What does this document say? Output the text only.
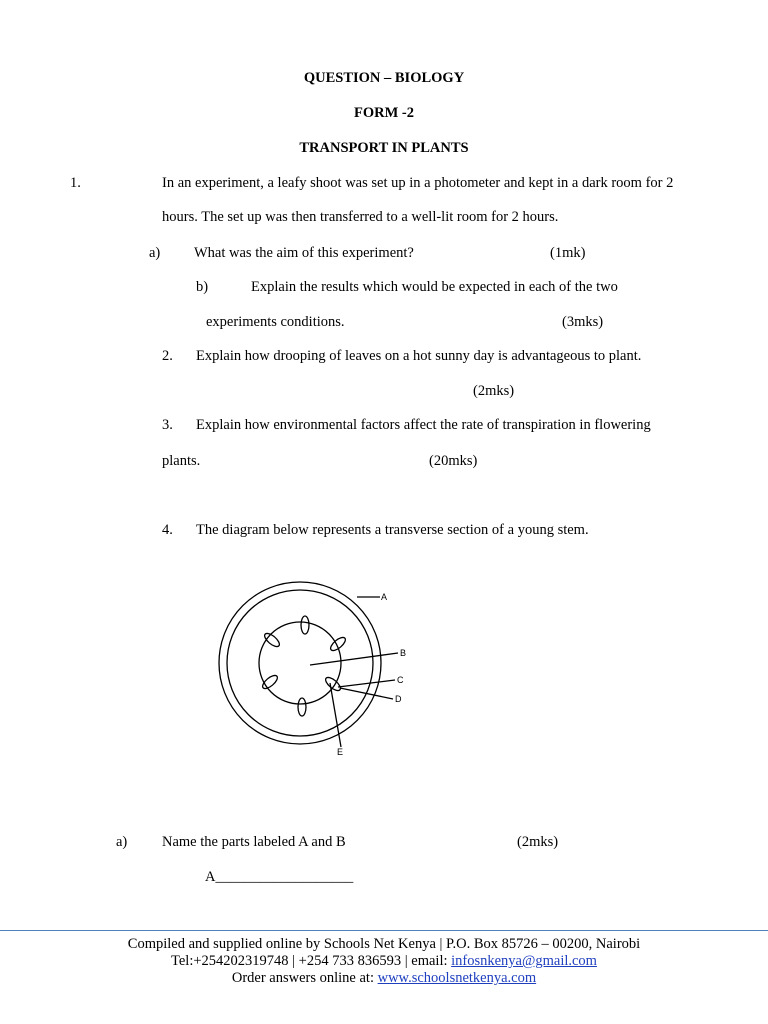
QUESTION – BIOLOGY
FORM -2
TRANSPORT IN PLANTS
1.	In an experiment, a leafy shoot was set up in a photometer and kept in a dark room for 2
hours. The set up was then transferred to a well-lit room for 2 hours.
a) What was the aim of this experiment?	(1mk)
b)	Explain the results which would be expected in each of the two
experiments conditions.	(3mks)
2. Explain how drooping of leaves on a hot sunny day is advantageous to plant.
(2mks)
3. Explain how environmental factors affect the rate of transpiration in flowering
plants.	(20mks)
4. The diagram below represents a transverse section of a young stem.
A
B
C
D
E
a) Name the parts labeled A and B	(2mks)
A___________________
Compiled and supplied online by Schools Net Kenya | P.O. Box 85726 – 00200, Nairobi
Tel:+254202319748 | +254 733 836593 | email: infosnkenya@gmail.com
Order answers online at: www.schoolsnetkenya.com
